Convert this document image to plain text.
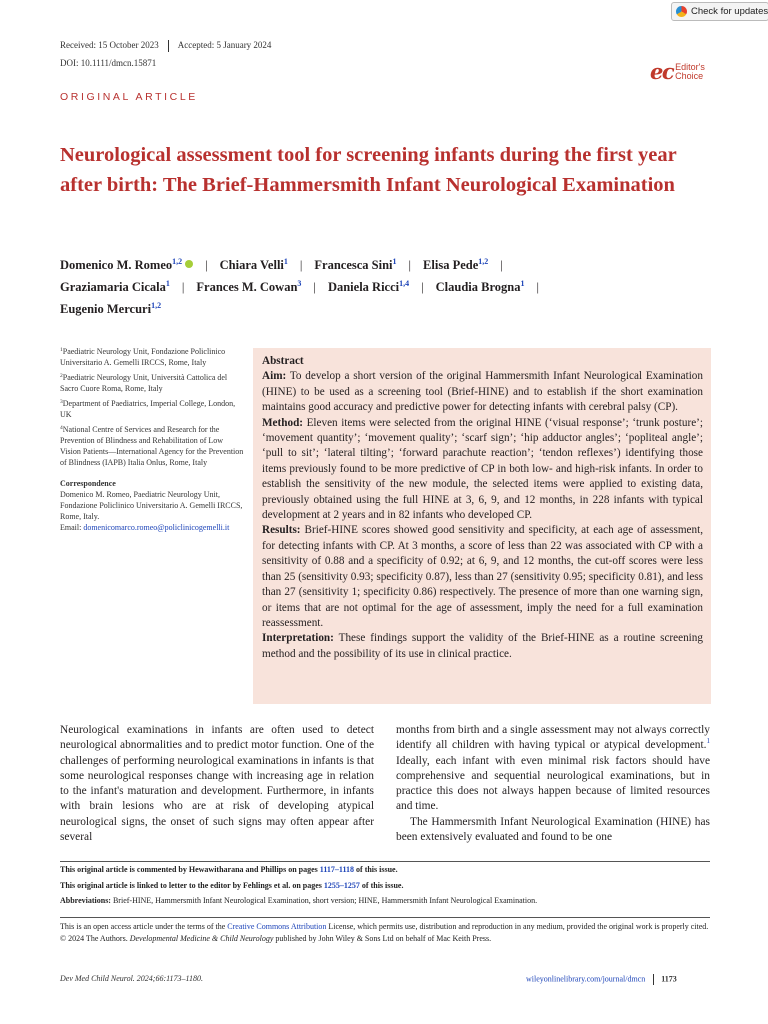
Check for updates
Received: 15 October 2023 Accepted: 5 January 2024
DOI: 10.1111/dmcn.15871	ec Editor's
Choice
ORIGINAL ARTICLE
Neurological assessment tool for screening infants during the first year after birth: The Brief-Hammersmith Infant Neurological Examination
Domenico M. Romeo$^{1,2}$ | Chiara Velli$^1$ | Francesca Sini$^1$ | Elisa Pede$^{1,2}$ |
Graziamaria Cicala$^1$ | Frances M. Cowan$^3$ | Daniela Ricci$^{1,4}$ | Claudia Brogna$^1$ |
Eugenio Mercuri$^{1,2}$

$^1$Paediatric Neurology Unit, Fondazione Policlinico Universitario A. Gemelli IRCCS, Rome, Italy

$^2$Paediatric Neurology Unit, Università Cattolica del Sacro Cuore Roma, Rome, Italy

$^3$Department of Paediatrics, Imperial College, London, UK

$^4$National Centre of Services and Research for the Prevention of Blindness and Rehabilitation of Low Vision Patients—International Agency for the Prevention of Blindness (IAPB) Italia Onlus, Rome, Italy

Correspondence

Domenico M. Romeo, Paediatric Neurology Unit, Fondazione Policlinico Universitario A. Gemelli IRCCS, Rome, Italy.
Email: domenicomarco.romeo@policlinicogemelli.it

Abstract

Aim: To develop a short version of the original Hammersmith Infant Neurological Examination (HINE) to be used as a screening tool (Brief-HINE) and to establish if the short examination maintains good accuracy and predictive power for detecting infants with cerebral palsy (CP).

Method: Eleven items were selected from the original HINE (‘visual response’; ‘trunk posture’; ‘movement quantity’; ‘movement quality’; ‘scarf sign’; ‘hip adductor angles’; ‘popliteal angle’; ‘pull to sit’; ‘lateral tilting’; ‘forward parachute reaction’; ‘tendon reflexes’) identifying those items previously found to be more predictive of CP in both low- and high-risk infants. In order to establish the sensitivity of the new module, the selected items were applied to existing data, previously obtained using the full HINE at 3, 6, 9, and 12 months, in 228 infants with typical development at 2 years and in 82 infants who developed CP.

Results: Brief-HINE scores showed good sensitivity and specificity, at each age of assessment, for detecting infants with CP. At 3 months, a score of less than 22 was associated with CP with a sensitivity of 0.88 and a specificity of 0.92; at 6, 9, and 12 months, the cut-off scores were less than 25 (sensitivity 0.93; specificity 0.87), less than 27 (sensitivity 0.95; specificity 0.81), and less than 27 (sensitivity 1; specificity 0.86) respectively. The presence of more than one warning sign, or items that are not optimal for the age of assessment, imply the need for a full examination reassessment.

Interpretation: These findings support the validity of the Brief-HINE as a routine screening method and the possibility of its use in clinical practice.

Neurological examinations in infants are often used to detect neurological abnormalities and to predict motor function. One of the challenges of performing neurological examinations in infants is that some neurological responses change with increasing age in relation to the infant's maturation and development. Furthermore, in infants with brain lesions who are at risk of developing atypical neurological signs, the onset of such signs may often appear after several

months from birth and a single assessment may not always correctly identify all children with having typical or atypical development.$^1$ Ideally, each infant with even minimal risk factors should have comprehensive and sequential neurological examinations, but in practice this does not always happen because of limited resources and time.

The Hammersmith Infant Neurological Examination (HINE) has been extensively evaluated and found to be one

This original article is commented by Hewawitharana and Phillips on pages 1117–1118 of this issue.
This original article is linked to letter to the editor by Fehlings et al. on pages 1255–1257 of this issue.
Abbreviations: Brief-HINE, Hammersmith Infant Neurological Examination, short version; HINE, Hammersmith Infant Neurological Examination.
This is an open access article under the terms of the Creative Commons Attribution License, which permits use, distribution and reproduction in any medium, provided the original work is properly cited.
© 2024 The Authors. Developmental Medicine & Child Neurology published by John Wiley & Sons Ltd on behalf of Mac Keith Press.
Dev Med Child Neurol. 2024;66:1173–1180.	wileyonlinelibrary.com/journal/dmcn 1173
